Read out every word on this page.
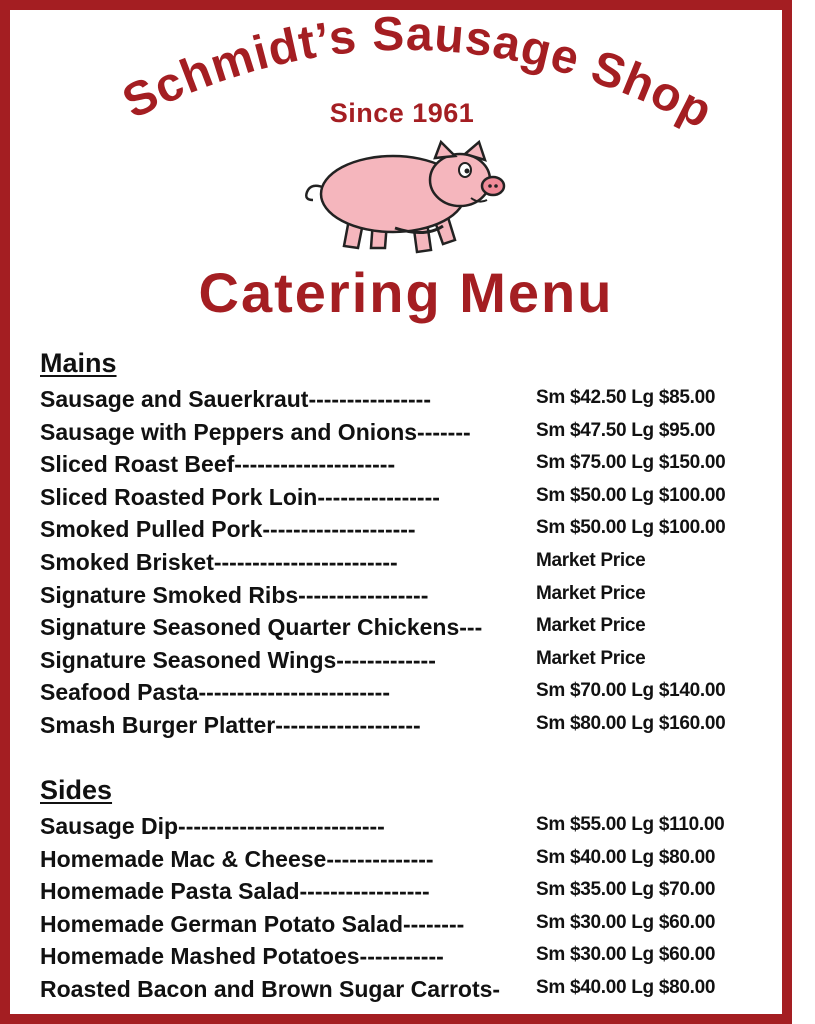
Schmidt’s Sausage Shop
Since 1961
Catering Menu
Mains
Sausage and Sauerkraut----------------	Sm $42.50 Lg $85.00
Sausage with Peppers and Onions-------	Sm $47.50 Lg $95.00
Sliced Roast Beef---------------------	Sm $75.00 Lg $150.00
Sliced Roasted Pork Loin----------------	Sm $50.00 Lg $100.00
Smoked Pulled Pork--------------------	Sm $50.00 Lg $100.00
Smoked Brisket------------------------	Market Price
Signature Smoked Ribs-----------------	Market Price
Signature Seasoned Quarter Chickens---	Market Price
Signature Seasoned Wings-------------	Market Price
Seafood Pasta-------------------------	Sm $70.00 Lg $140.00
Smash Burger Platter-------------------	Sm $80.00 Lg $160.00
Sides
Sausage Dip---------------------------	Sm $55.00 Lg $110.00
Homemade Mac & Cheese--------------	Sm $40.00 Lg $80.00
Homemade Pasta Salad-----------------	Sm $35.00 Lg $70.00
Homemade German Potato Salad--------	Sm $30.00 Lg $60.00
Homemade Mashed Potatoes-----------	Sm $30.00 Lg $60.00
Roasted Bacon and Brown Sugar Carrots-	Sm $40.00 Lg $80.00
